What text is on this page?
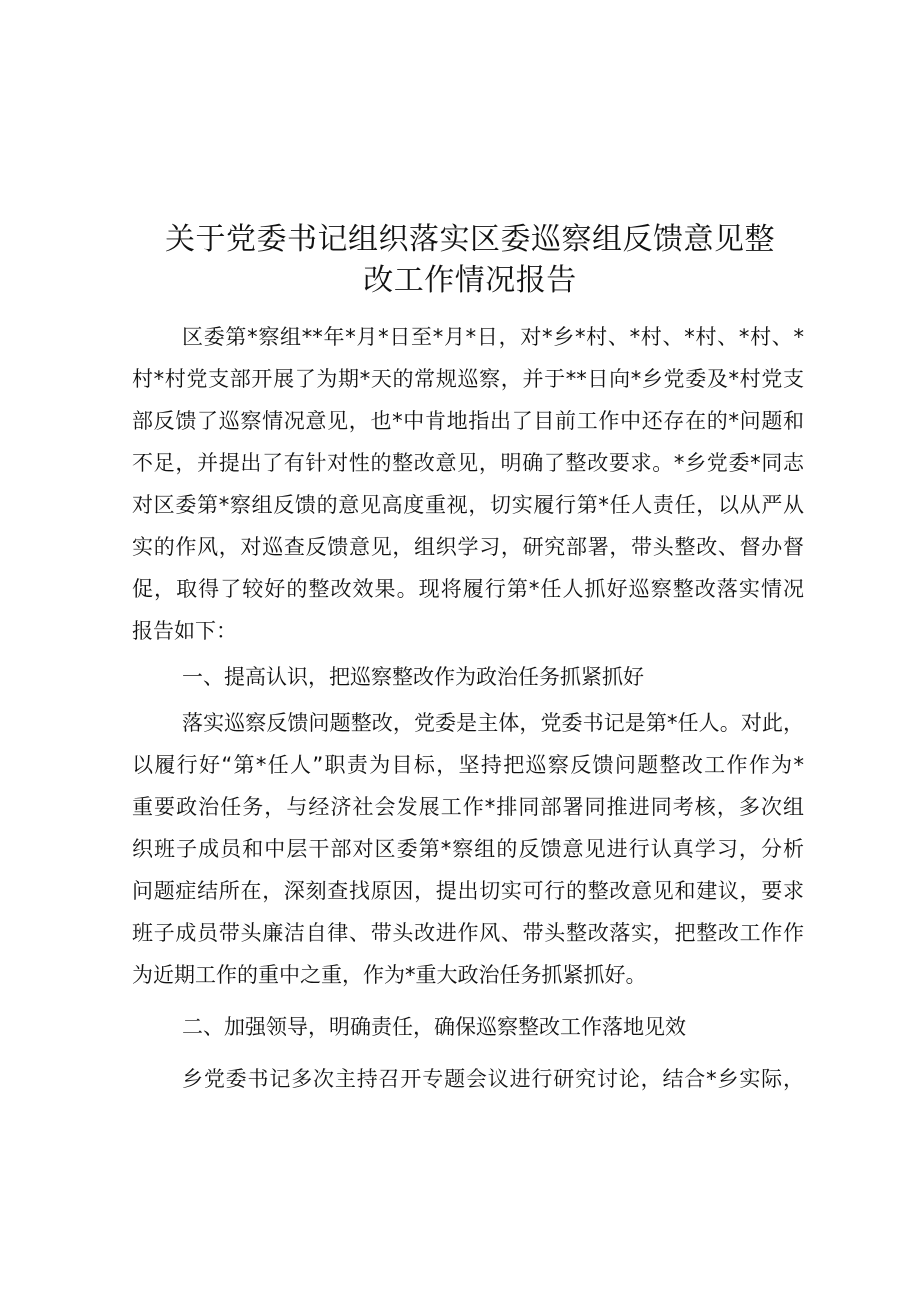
关于党委书记组织落实区委巡察组反馈意见整
改工作情况报告
区委第*察组**年*月*日至*月*日，对*乡*村、*村、*村、*村、*
村*村党支部开展了为期*天的常规巡察，并于**日向*乡党委及*村党支
部反馈了巡察情况意见，也*中肯地指出了目前工作中还存在的*问题和
不足，并提出了有针对性的整改意见，明确了整改要求。*乡党委*同志
对区委第*察组反馈的意见高度重视，切实履行第*任人责任，以从严从
实的作风，对巡查反馈意见，组织学习，研究部署，带头整改、督办督
促，取得了较好的整改效果。现将履行第*任人抓好巡察整改落实情况
报告如下：
一、提高认识，把巡察整改作为政治任务抓紧抓好
落实巡察反馈问题整改，党委是主体，党委书记是第*任人。对此，
以履行好“第*任人”职责为目标，坚持把巡察反馈问题整改工作作为*
重要政治任务，与经济社会发展工作*排同部署同推进同考核，多次组
织班子成员和中层干部对区委第*察组的反馈意见进行认真学习，分析
问题症结所在，深刻查找原因，提出切实可行的整改意见和建议，要求
班子成员带头廉洁自律、带头改进作风、带头整改落实，把整改工作作
为近期工作的重中之重，作为*重大政治任务抓紧抓好。
二、加强领导，明确责任，确保巡察整改工作落地见效
乡党委书记多次主持召开专题会议进行研究讨论，结合*乡实际，
